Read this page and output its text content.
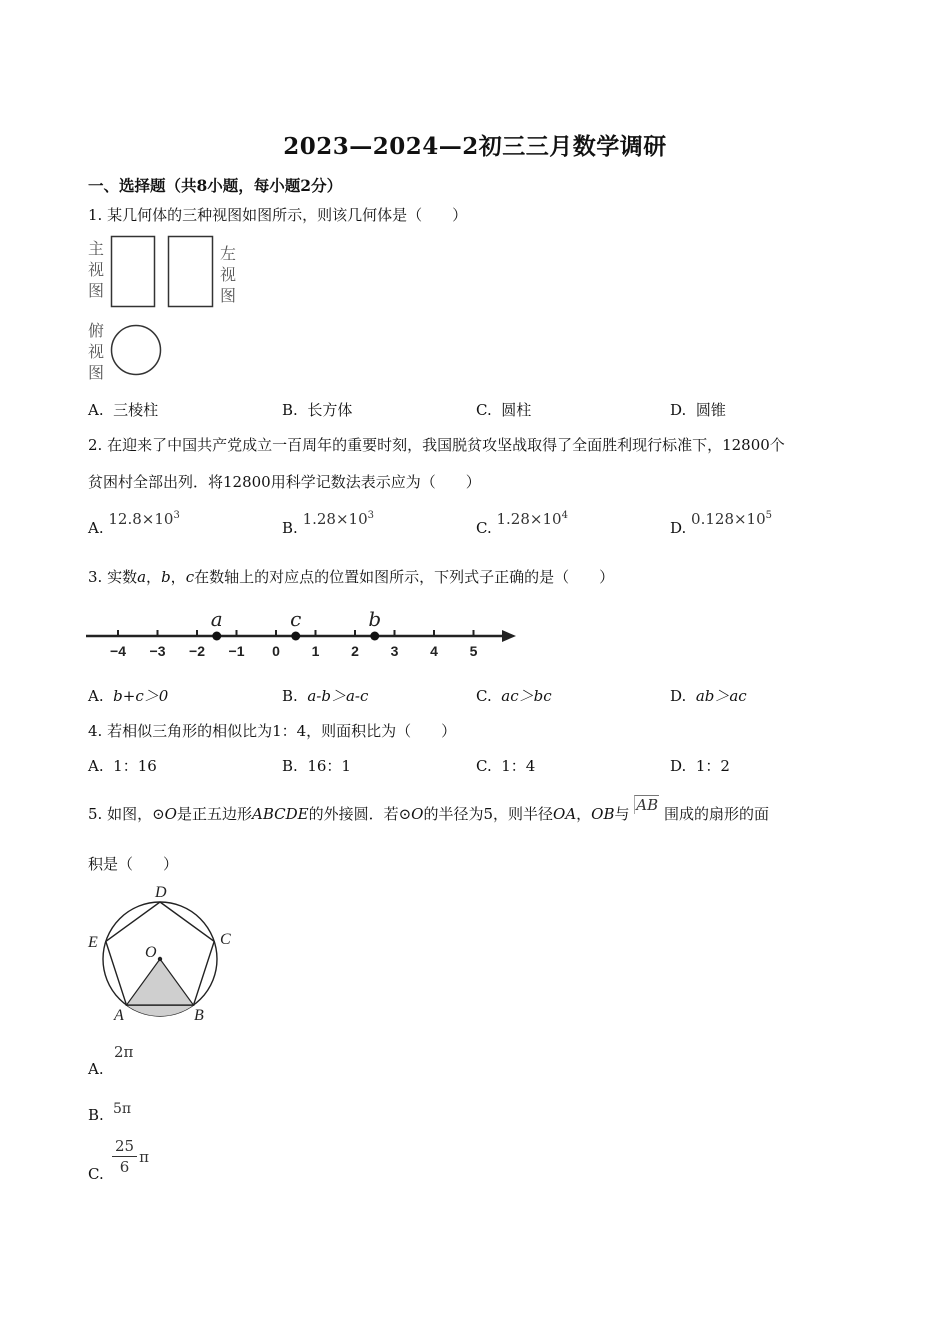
2023—2024—2初三三月数学调研
一、选择题（共8小题，每小题2分）
1. 某几何体的三种视图如图所示，则该几何体是（　　）
主
视
图
左
视
图
俯
视
图
A. 三棱柱	B. 长方体	C. 圆柱	D. 圆锥
2. 在迎来了中国共产党成立一百周年的重要时刻，我国脱贫攻坚战取得了全面胜利现行标准下，12800个
贫困村全部出列．将12800用科学记数法表示应为（　　）
A. $12.8\times 10^3$
B. $1.28\times 10^3$
C. $1.28\times 10^4$
D. $0.128\times 10^5$
3. 实数a，b，c在数轴上的对应点的位置如图所示，下列式子正确的是（　　）
−4 −3 −2 −1 0 1 2 3 4 5
a	c	b
A. b+c＞0	B. a-b＞a-c	C. ac＞bc	D. ab＞ac
4. 若相似三角形的相似比为1：4，则面积比为（　　）
A. 1：16	B. 16：1	C. 1：4	D. 1：2
5. 如图，⊙O是正五边形ABCDE的外接圆．若⊙O的半径为5，则半径OA，OB与 AB 围成的扇形的面
积是（　　）
D
C
E
O
A	B
A.
2π
B. 5π
C. $\frac{25}{6}$ π
